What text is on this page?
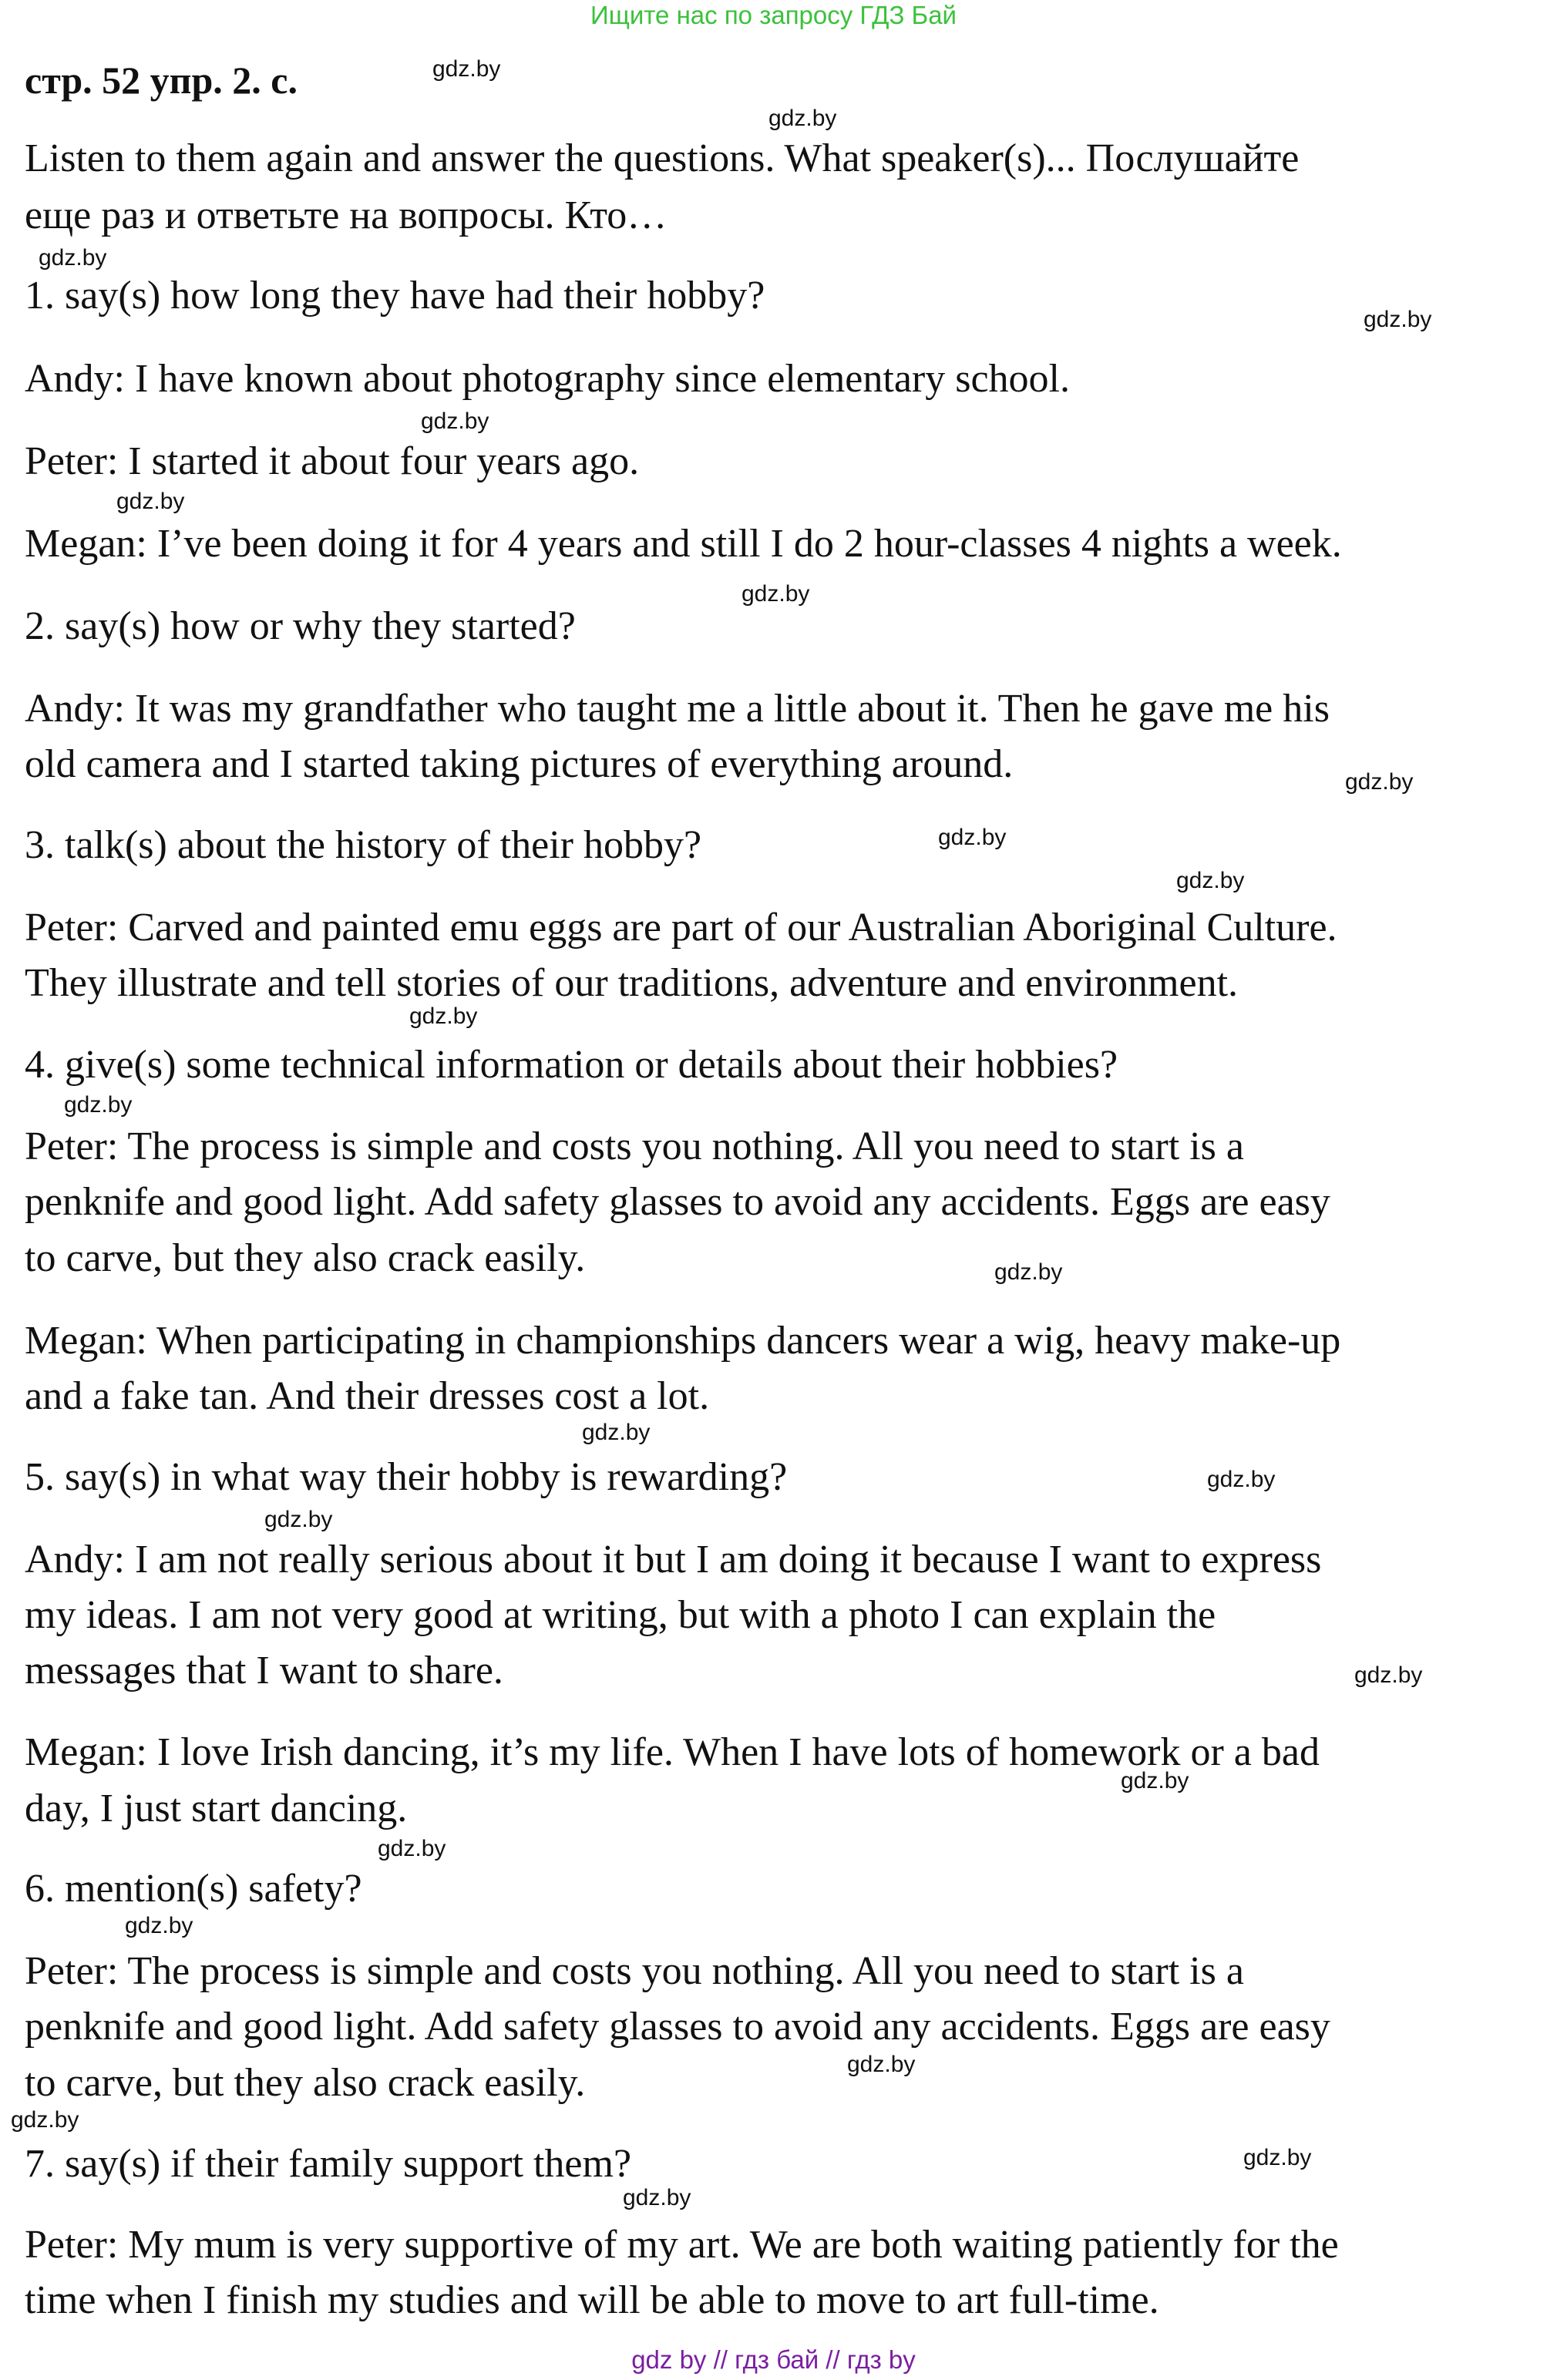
Ищите нас по запросу ГДЗ Бай
стр. 52 упр. 2. с.
Listen to them again and answer the questions. What speaker(s)... Послушайте
еще раз и ответьте на вопросы. Кто…
1. say(s) how long they have had their hobby?
Andy: I have known about photography since elementary school.
Peter: I started it about four years ago.
Megan: I’ve been doing it for 4 years and still I do 2 hour-classes 4 nights a week.
2. say(s) how or why they started?
Andy: It was my grandfather who taught me a little about it. Then he gave me his
old camera and I started taking pictures of everything around.
3. talk(s) about the history of their hobby?
Peter: Carved and painted emu eggs are part of our Australian Aboriginal Culture.
They illustrate and tell stories of our traditions, adventure and environment.
4. give(s) some technical information or details about their hobbies?
Peter: The process is simple and costs you nothing. All you need to start is a
penknife and good light. Add safety glasses to avoid any accidents. Eggs are easy
to carve, but they also crack easily.
Megan: When participating in championships dancers wear a wig, heavy make-up
and a fake tan. And their dresses cost a lot.
5. say(s) in what way their hobby is rewarding?
Andy: I am not really serious about it but I am doing it because I want to express
my ideas. I am not very good at writing, but with a photo I can explain the
messages that I want to share.
Megan: I love Irish dancing, it’s my life. When I have lots of homework or a bad
day, I just start dancing.
6. mention(s) safety?
Peter: The process is simple and costs you nothing. All you need to start is a
penknife and good light. Add safety glasses to avoid any accidents. Eggs are easy
to carve, but they also crack easily.
7. say(s) if their family support them?
Peter: My mum is very supportive of my art. We are both waiting patiently for the
time when I finish my studies and will be able to move to art full-time.
gdz.by
gdz.by
gdz.by
gdz.by
gdz.by
gdz.by
gdz.by
gdz.by
gdz.by
gdz.by
gdz.by
gdz.by
gdz.by
gdz.by
gdz.by
gdz.by
gdz.by
gdz.by
gdz.by
gdz.by
gdz.by
gdz.by
gdz.by
gdz.by
gdz by // гдз бай // гдз by
